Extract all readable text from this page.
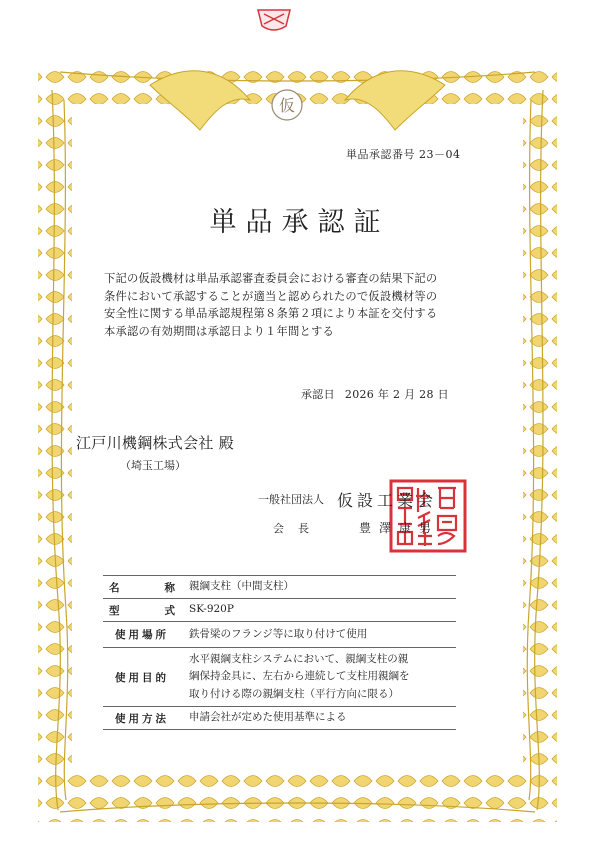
仮
単品承認番号 23－04
単品承認証
下記の仮設機材は単品承認審査委員会における審査の結果下記の
条件において承認することが適当と認められたので仮設機材等の
安全性に関する単品承認規程第８条第２項により本証を交付する
本承認の有効期間は承認日より１年間とする
承認日 2026 年 2 月 28 日
江戸川機鋼株式会社 殿
（埼玉工場）
一般社団法人 仮設工業会
会長	豊澤康男
名 称	親綱支柱（中間支柱）

型 式	SK-920P
使用場所	鉄骨梁のフランジ等に取り付けて使用
使用目的	水平親綱支柱システムにおいて、親綱支柱の親
綱保持金具に、左右から連続して支柱用親綱を
取り付ける際の親綱支柱（平行方向に限る）

使用方法	申請会社が定めた使用基準による
